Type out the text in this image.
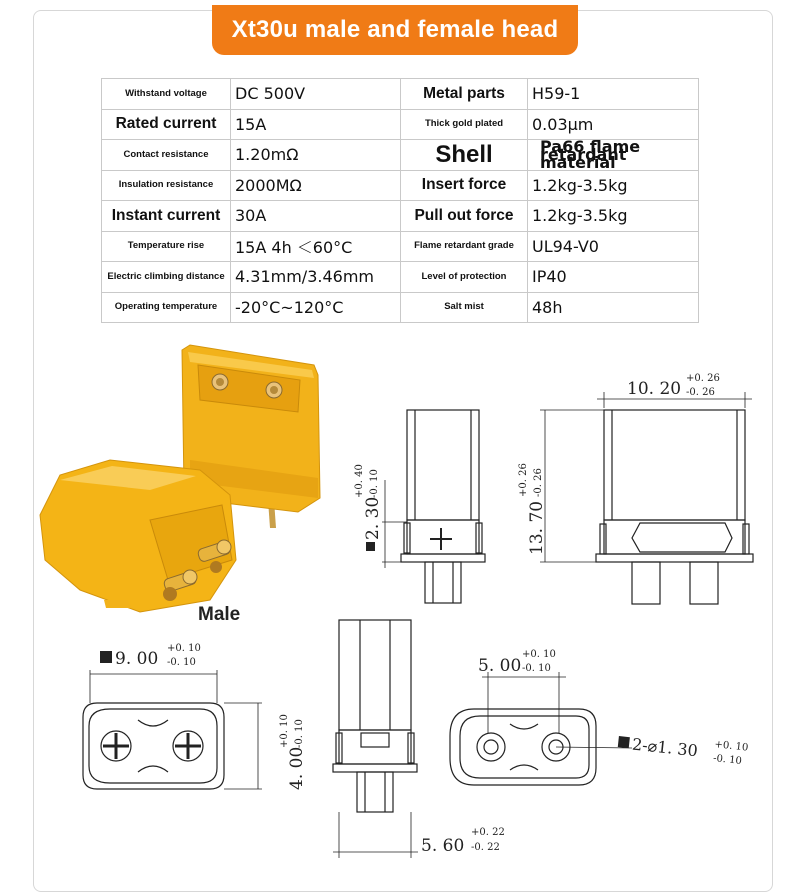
Xt30u male and female head
Withstand voltage	DC 500V	Metal parts	H59-1
Rated current	15A	Thick gold plated	0.03μm
Contact resistance	1.20mΩ	Shell	Pa66 flame retardant material
Insulation resistance	2000MΩ	Insert force	1.2kg-3.5kg
Instant current	30A	Pull out force	1.2kg-3.5kg
Temperature rise	15A 4h ＜60°C	Flame retardant grade	UL94-V0
Electric climbing distance	4.31mm/3.46mm	Level of protection	IP40
Operating temperature	-20°C~120°C	Salt mist	48h
Male
2. 30
+0. 40 -0. 10
10. 20
+0. 26
-0. 26
13. 70
+0. 26 -0. 26
9. 00
+0. 10
-0. 10
4. 00
+0. 10 -0. 10
5. 60
+0. 22
-0. 22
5. 00
+0. 10
-0. 10
2-⌀1. 30 +0. 10
-0. 10
